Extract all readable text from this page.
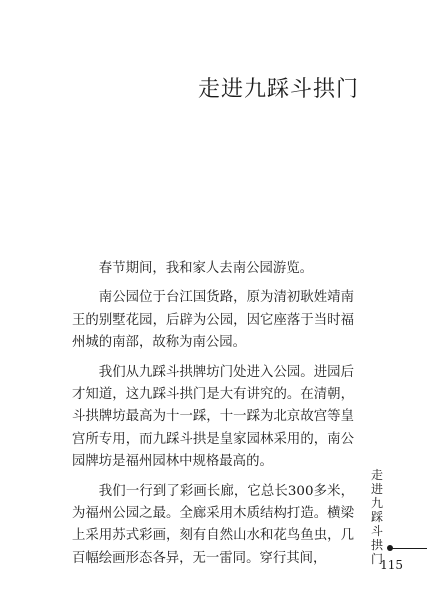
走进九踩斗拱门

春节期间，我和家人去南公园游览。

南公园位于台江国货路，原为清初耿姓靖南王的别墅花园，后辟为公园，因它座落于当时福州城的南部，故称为南公园。

我们从九踩斗拱牌坊门处进入公园。进园后才知道，这九踩斗拱门是大有讲究的。在清朝，斗拱牌坊最高为十一踩，十一踩为北京故宫等皇宫所专用，而九踩斗拱是皇家园林采用的，南公园牌坊是福州园林中规格最高的。

我们一行到了彩画长廊，它总长300多米，为福州公园之最。全廊采用木质结构打造。横梁上采用苏式彩画，刻有自然山水和花鸟鱼虫，几百幅绘画形态各异，无一雷同。穿行其间，

走进九踩斗拱门
115
